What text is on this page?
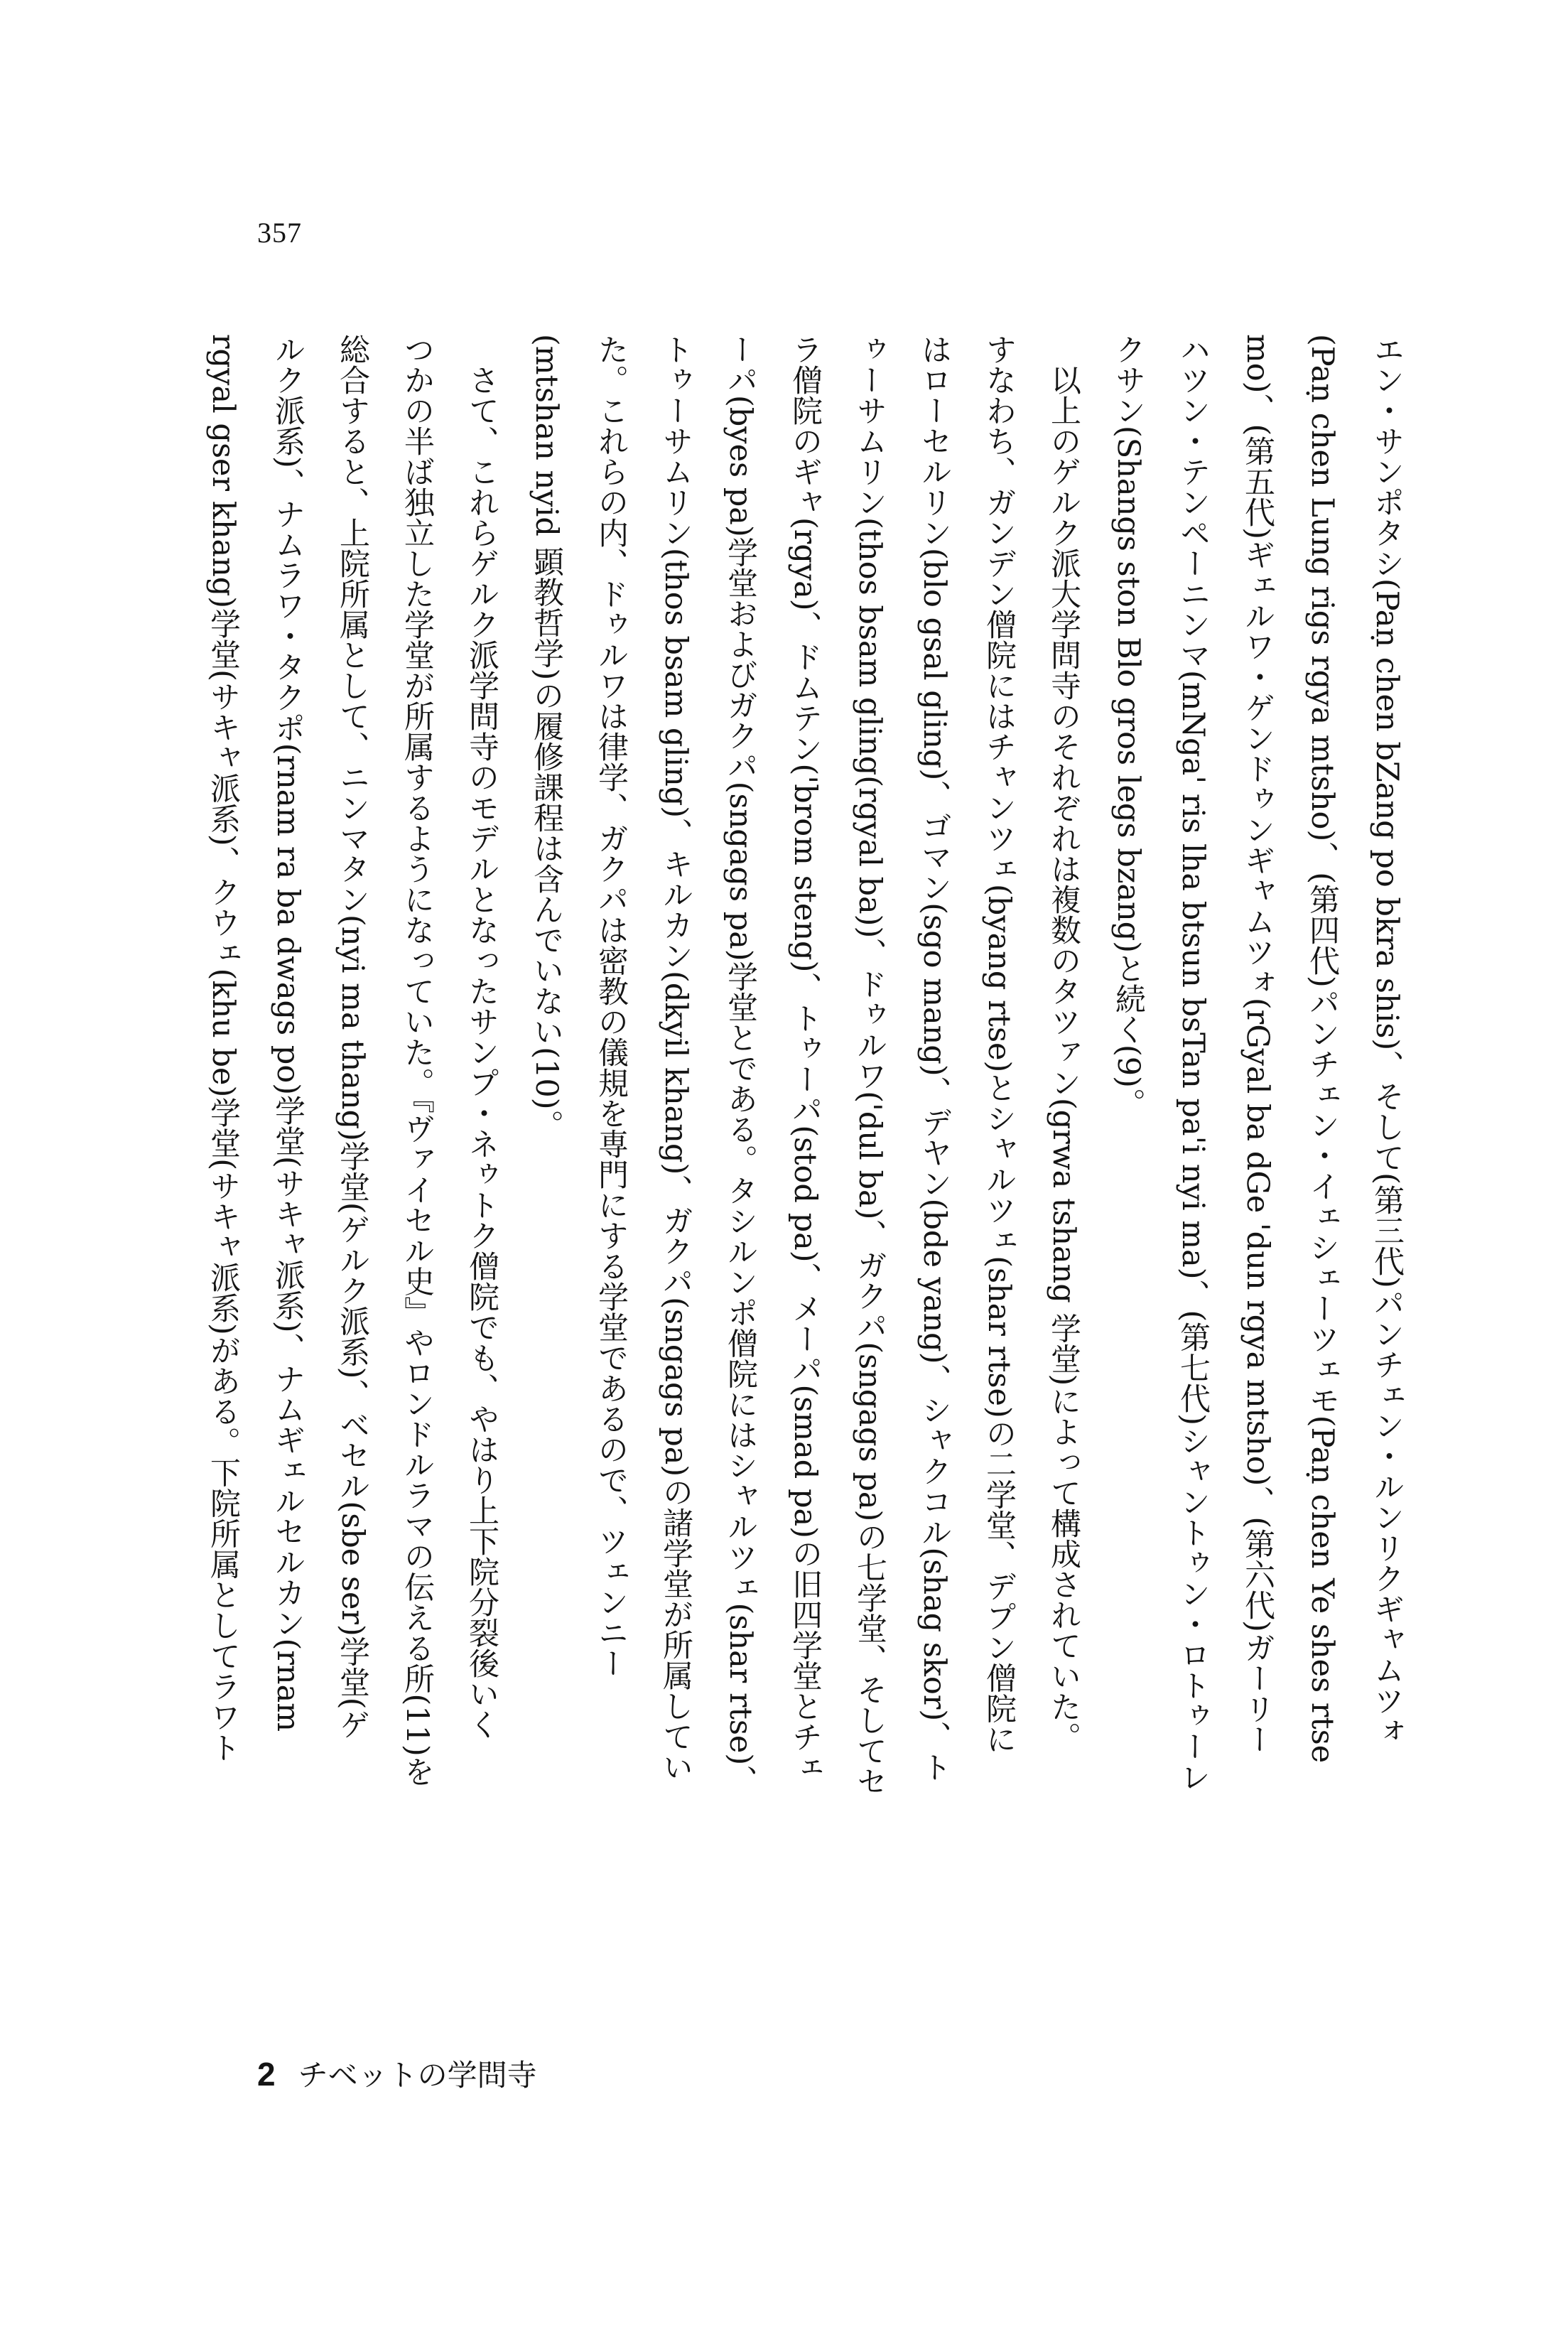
357
エン・サンポタシ(Paṇ chen bZang po bkra shis)、そして(第三代)パンチェン・ルンリクギャムツォ
(Paṇ chen Lung rigs rgya mtsho)、(第四代)パンチェン・イェシェーツェモ(Paṇ chen Ye shes rtse
mo)、(第五代)ギェルワ・ゲンドゥンギャムツォ(rGyal ba dGe 'dun rgya mtsho)、(第六代)ガーリー
ハツン・テンペーニンマ(mNga' ris lha btsun bsTan pa'i nyi ma)、(第七代)シャントゥン・ロトゥーレ
クサン(Shangs ston Blo gros legs bzang)と続く(9)。
　以上のゲルク派大学問寺のそれぞれは複数のタツァン(grwa tshang 学堂)によって構成されていた。
すなわち、ガンデン僧院にはチャンツェ(byang rtse)とシャルツェ(shar rtse)の二学堂、デプン僧院に
はローセルリン(blo gsal gling)、ゴマン(sgo mang)、デヤン(bde yang)、シャクコル(shag skor)、ト
ゥーサムリン(thos bsam gling(rgyal ba))、ドゥルワ('dul ba)、ガクパ(sngags pa)の七学堂、そしてセ
ラ僧院のギャ(rgya)、ドムテン('brom steng)、トゥーパ(stod pa)、メーパ(smad pa)の旧四学堂とチェ
ーパ(byes pa)学堂およびガクパ(sngags pa)学堂とである。タシルンポ僧院にはシャルツェ(shar rtse)、
トゥーサムリン(thos bsam gling)、キルカン(dkyil khang)、ガクパ(sngags pa)の諸学堂が所属してい
た。これらの内、ドゥルワは律学、ガクパは密教の儀規を専門にする学堂であるので、ツェンニー
(mtshan nyid 顕教哲学)の履修課程は含んでいない(10)。
　さて、これらゲルク派学問寺のモデルとなったサンプ・ネゥトク僧院でも、やはり上下院分裂後いく
つかの半ば独立した学堂が所属するようになっていた。『ヴァイセル史』やロンドルラマの伝える所(11)を
総合すると、上院所属として、ニンマタン(nyi ma thang)学堂(ゲルク派系)、ベセル(sbe ser)学堂(ゲ
ルク派系)、ナムラワ・タクポ(rnam ra ba dwags po)学堂(サキャ派系)、ナムギェルセルカン(rnam
rgyal gser khang)学堂(サキャ派系)、クウェ(khu be)学堂(サキャ派系)がある。下院所属としてラワト
2 チベットの学問寺
